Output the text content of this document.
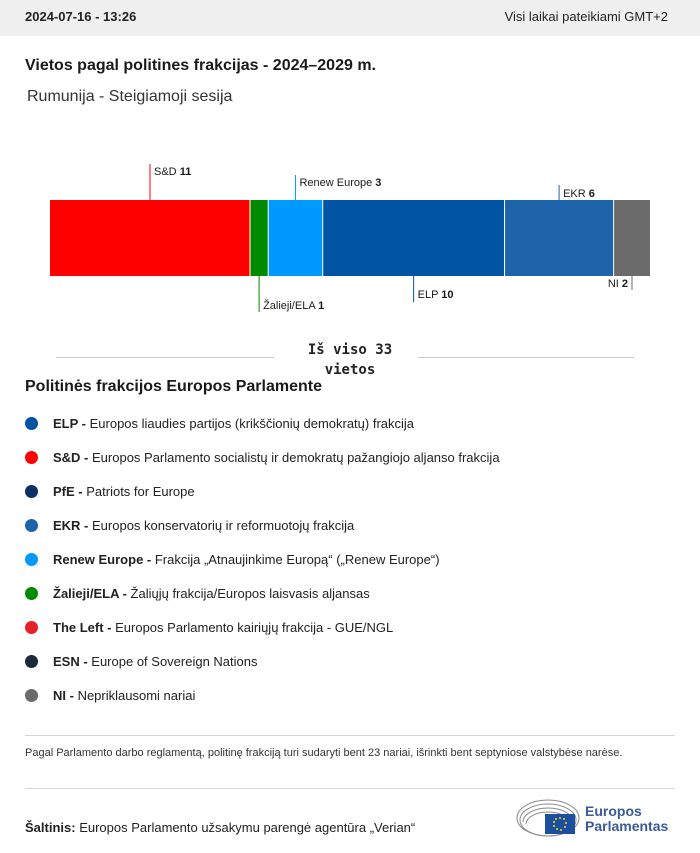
2024-07-16 - 13:26	Visi laikai pateikiami GMT+2
Vietos pagal politines frakcijas - 2024–2029 m.
Rumunija - Steigiamoji sesija
S&D 11
Žalieji/ELA 1
Renew Europe 3
ELP 10
EKR 6
NI 2
Iš viso 33
vietos
Politinės frakcijos Europos Parlamente
ELP - Europos liaudies partijos (krikščionių demokratų) frakcija
S&D - Europos Parlamento socialistų ir demokratų pažangiojo aljanso frakcija
PfE - Patriots for Europe
EKR - Europos konservatorių ir reformuotojų frakcija
Renew Europe - Frakcija „Atnaujinkime Europą“ („Renew Europe“)
Žalieji/ELA - Žaliųjų frakcija/Europos laisvasis aljansas
The Left - Europos Parlamento kairiųjų frakcija - GUE/NGL
ESN - Europe of Sovereign Nations
NI - Nepriklausomi nariai
Pagal Parlamento darbo reglamentą, politinę frakciją turi sudaryti bent 23 nariai, išrinkti bent septyniose valstybėse narėse.
Šaltinis: Europos Parlamento užsakymu parengė agentūra „Verian“
Europos
Parlamentas
